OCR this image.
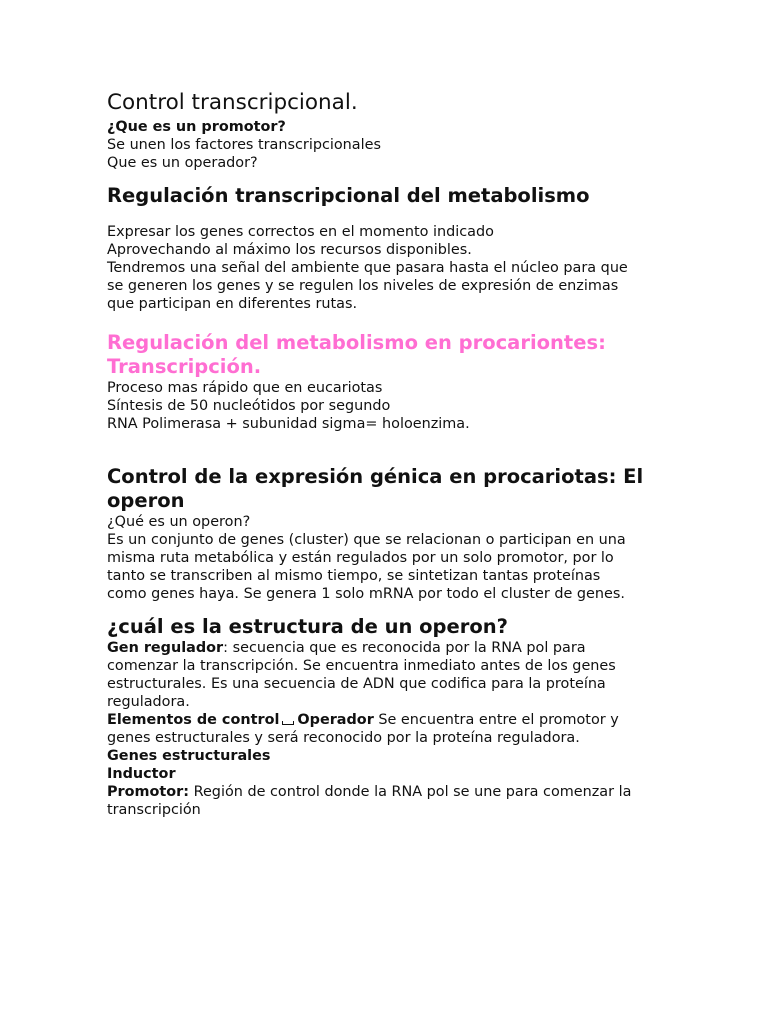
Control transcripcional.

¿Que es un promotor?

Se unen los factores transcripcionales

Que es un operador?

Regulación transcripcional del metabolismo

Expresar los genes correctos en el momento indicado

Aprovechando al máximo los recursos disponibles.

Tendremos una señal del ambiente que pasara hasta el núcleo para que

se generen los genes y se regulen los niveles de expresión de enzimas

que participan en diferentes rutas.

Regulación del metabolismo en procariontes:

Transcripción.

Proceso mas rápido que en eucariotas

Síntesis de 50 nucleótidos por segundo

RNA Polimerasa + subunidad sigma= holoenzima.

Control de la expresión génica en procariotas: El

operon

¿Qué es un operon?

Es un conjunto de genes (cluster) que se relacionan o participan en una

misma ruta metabólica y están regulados por un solo promotor, por lo

tanto se transcriben al mismo tiempo, se sintetizan tantas proteínas

como genes haya. Se genera 1 solo mRNA por todo el cluster de genes.

¿cuál es la estructura de un operon?

Gen regulador: secuencia que es reconocida por la RNA pol para

comenzar la transcripción. Se encuentra inmediato antes de los genes

estructurales. Es una secuencia de ADN que codifica para la proteína

reguladora.

Elementos de control Operador Se encuentra entre el promotor y

genes estructurales y será reconocido por la proteína reguladora.

Genes estructurales

Inductor

Promotor: Región de control donde la RNA pol se une para comenzar la

transcripción
